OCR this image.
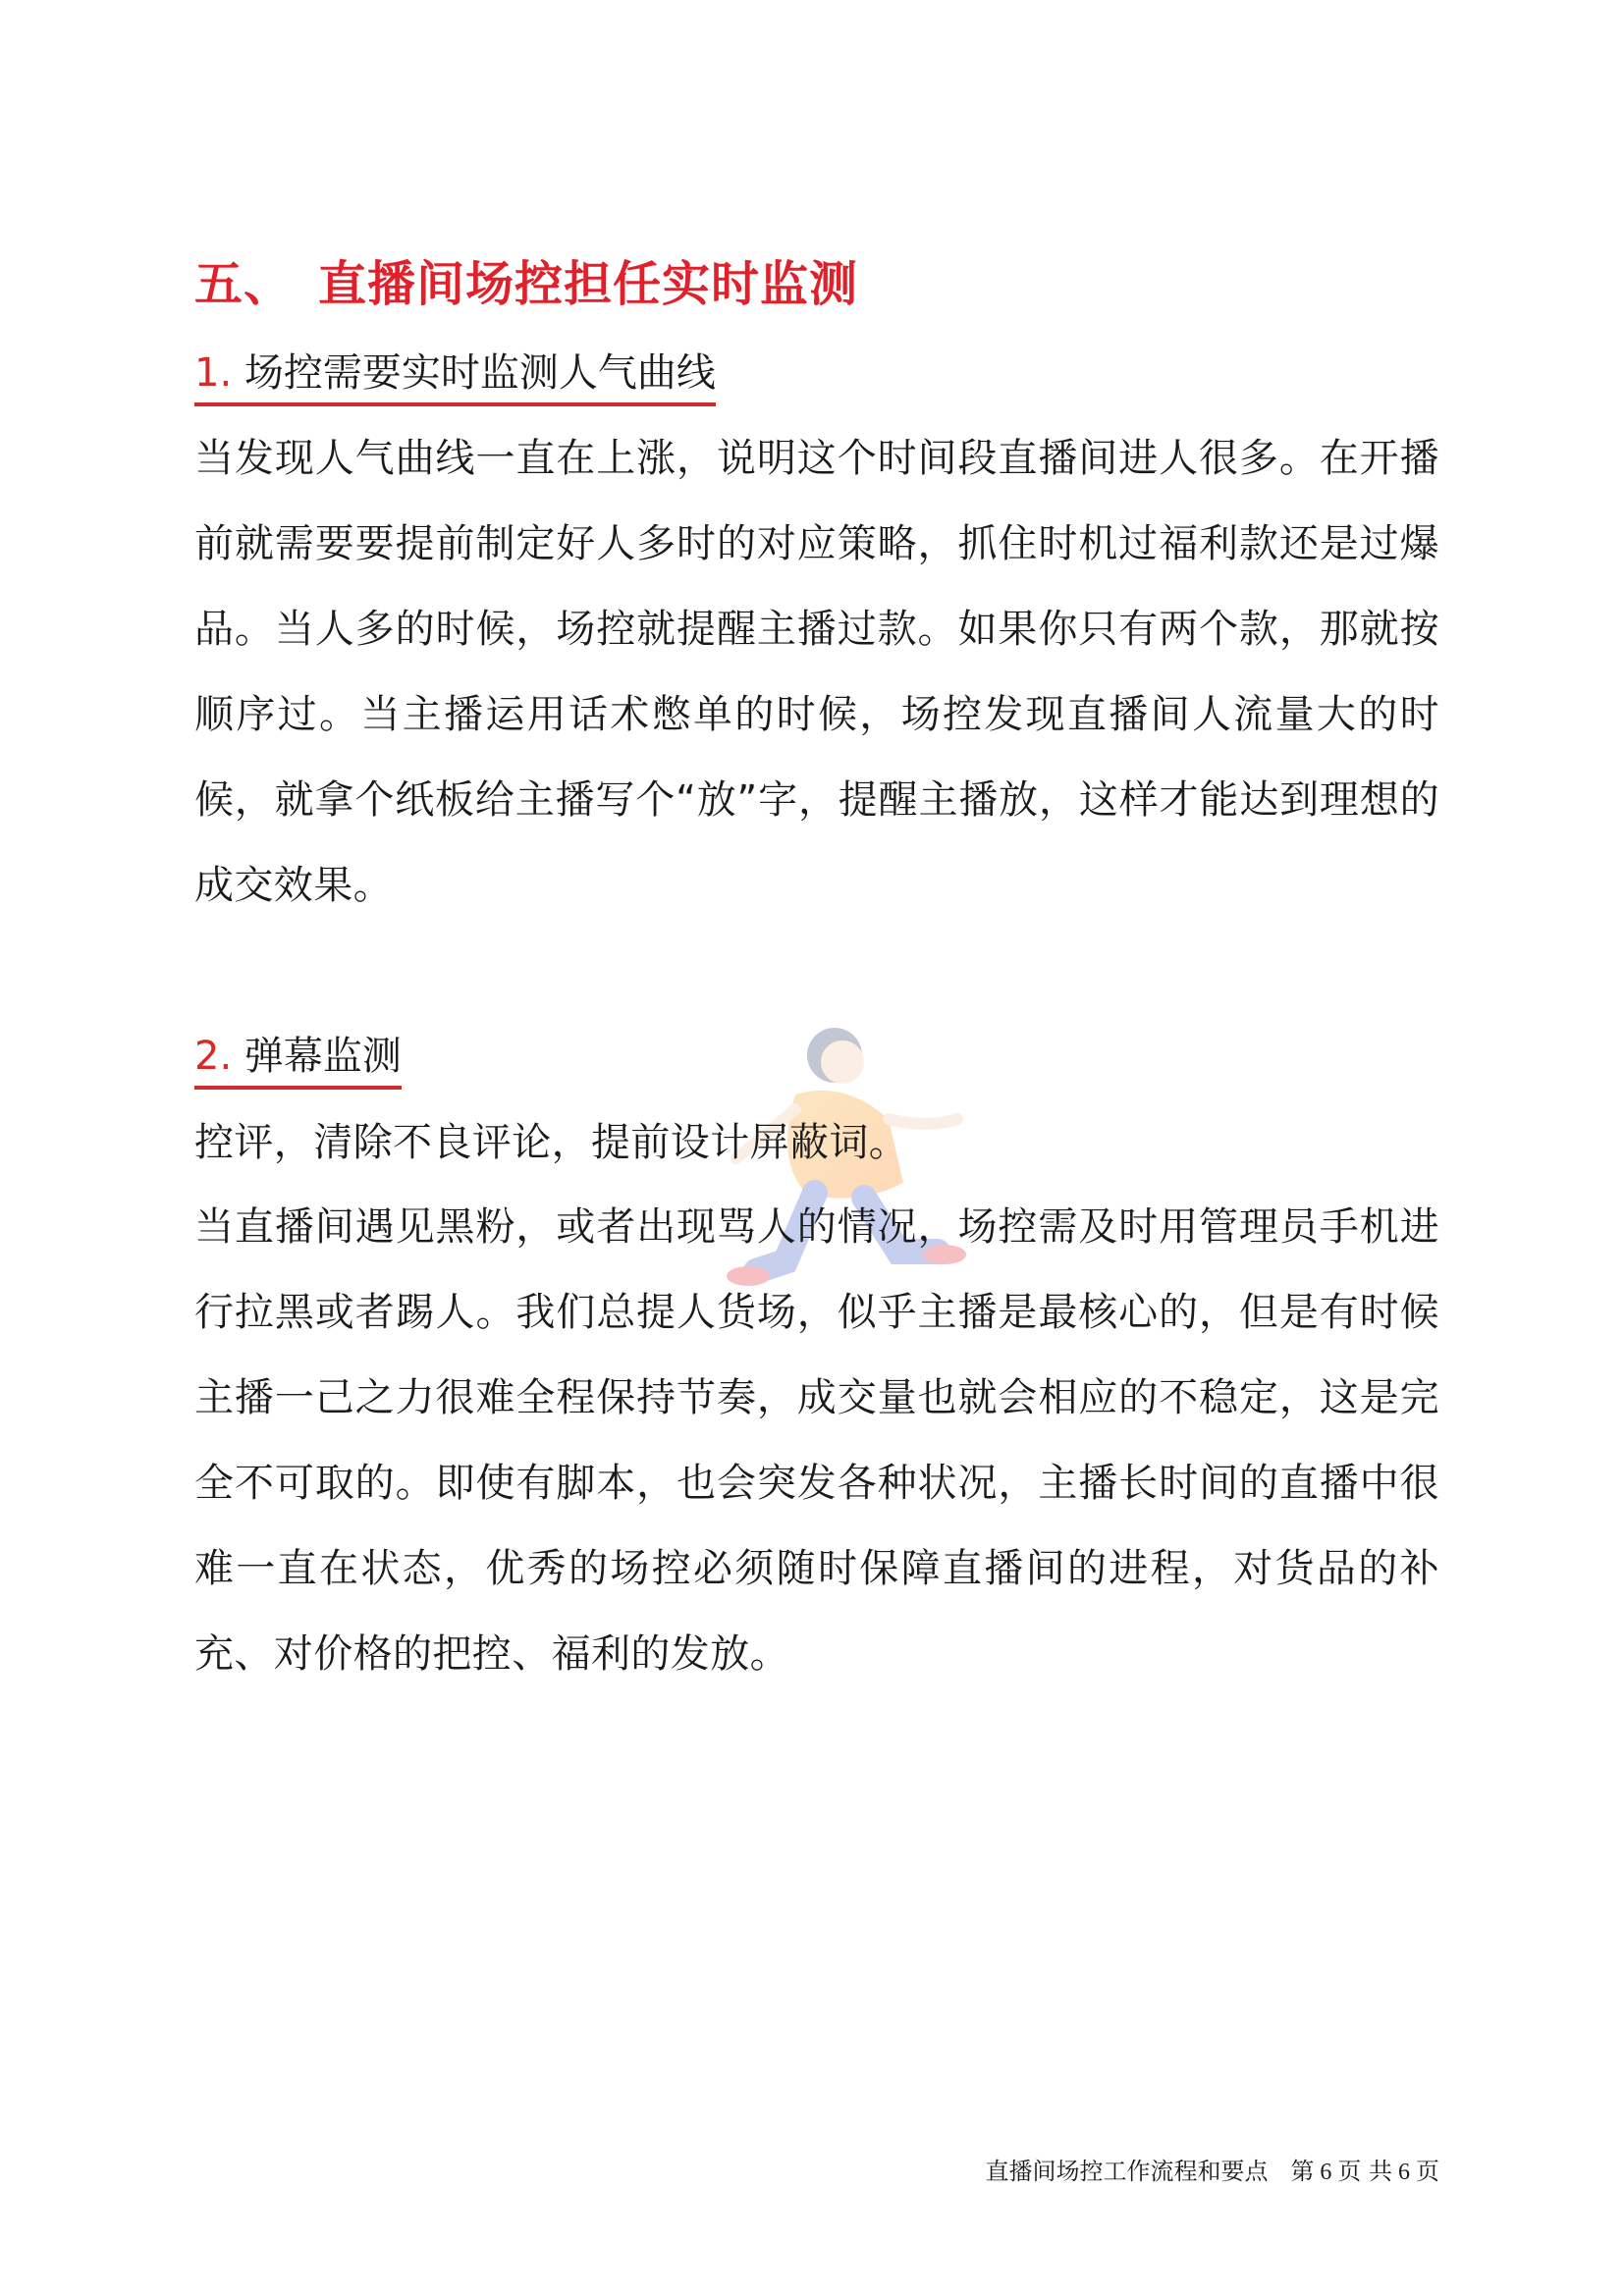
五、 直播间场控担任实时监测
1. 场控需要实时监测人气曲线

当发现人气曲线一直在上涨，说明这个时间段直播间进人很多。在开播前就需要要提前制定好人多时的对应策略，抓住时机过福利款还是过爆品。当人多的时候，场控就提醒主播过款。如果你只有两个款，那就按顺序过。当主播运用话术憋单的时候，场控发现直播间人流量大的时候，就拿个纸板给主播写个“放”字，提醒主播放，这样才能达到理想的成交效果。

2. 弹幕监测

控评，清除不良评论，提前设计屏蔽词。

当直播间遇见黑粉，或者出现骂人的情况，场控需及时用管理员手机进行拉黑或者踢人。我们总提人货场，似乎主播是最核心的，但是有时候主播一己之力很难全程保持节奏，成交量也就会相应的不稳定，这是完全不可取的。即使有脚本，也会突发各种状况，主播长时间的直播中很难一直在状态，优秀的场控必须随时保障直播间的进程，对货品的补充、对价格的把控、福利的发放。

直播间场控工作流程和要点 第 6 页 共 6 页
